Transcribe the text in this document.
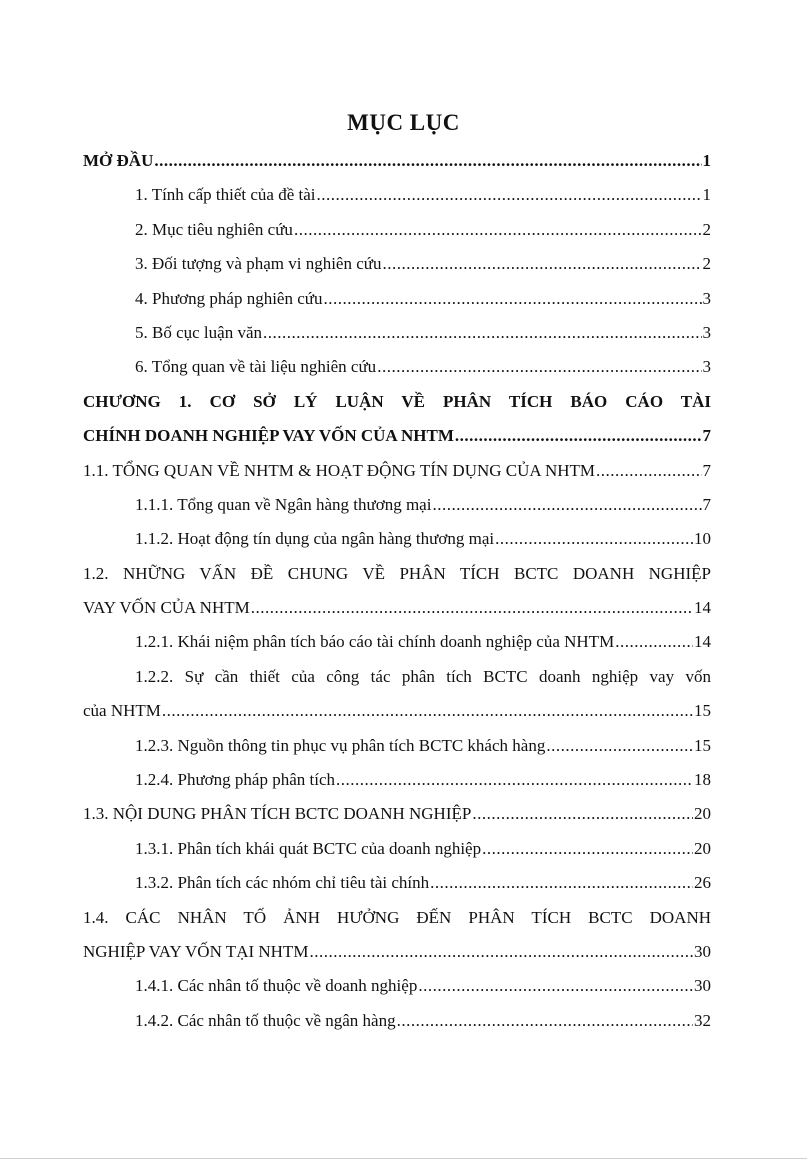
MỤC LỤC
MỞ ĐẦU .....	1
1. Tính cấp thiết của đề tài .....	1
2. Mục tiêu nghiên cứu .....	2
3. Đối tượng và phạm vi nghiên cứu .....	2
4. Phương pháp nghiên cứu .....	3
5. Bố cục luận văn .....	3
6. Tổng quan về tài liệu nghiên cứu .....	3
CHƯƠNG 1. CƠ SỞ LÝ LUẬN VỀ PHÂN TÍCH BÁO CÁO TÀI
CHÍNH DOANH NGHIỆP VAY VỐN CỦA NHTM .....	7
1.1. TỔNG QUAN VỀ NHTM & HOẠT ĐỘNG TÍN DỤNG CỦA NHTM .....	7
1.1.1. Tổng quan về Ngân hàng thương mại .....	7
1.1.2. Hoạt động tín dụng của ngân hàng thương mại .....	10
1.2. NHỮNG VẤN ĐỀ CHUNG VỀ PHÂN TÍCH BCTC DOANH NGHIỆP
VAY VỐN CỦA NHTM .....	14
1.2.1. Khái niệm phân tích báo cáo tài chính doanh nghiệp của NHTM .....	14
1.2.2. Sự cần thiết của công tác phân tích BCTC doanh nghiệp vay vốn
của NHTM .....	15
1.2.3. Nguồn thông tin phục vụ phân tích BCTC khách hàng .....	15
1.2.4. Phương pháp phân tích .....	18
1.3. NỘI DUNG PHÂN TÍCH BCTC DOANH NGHIỆP .....	20
1.3.1. Phân tích khái quát BCTC của doanh nghiệp .....	20
1.3.2. Phân tích các nhóm chỉ tiêu tài chính .....	26
1.4. CÁC NHÂN TỐ ẢNH HƯỞNG ĐẾN PHÂN TÍCH BCTC DOANH
NGHIỆP VAY VỐN TẠI NHTM .....	30
1.4.1. Các nhân tố thuộc về doanh nghiệp .....	30
1.4.2. Các nhân tố thuộc về ngân hàng .....	32
